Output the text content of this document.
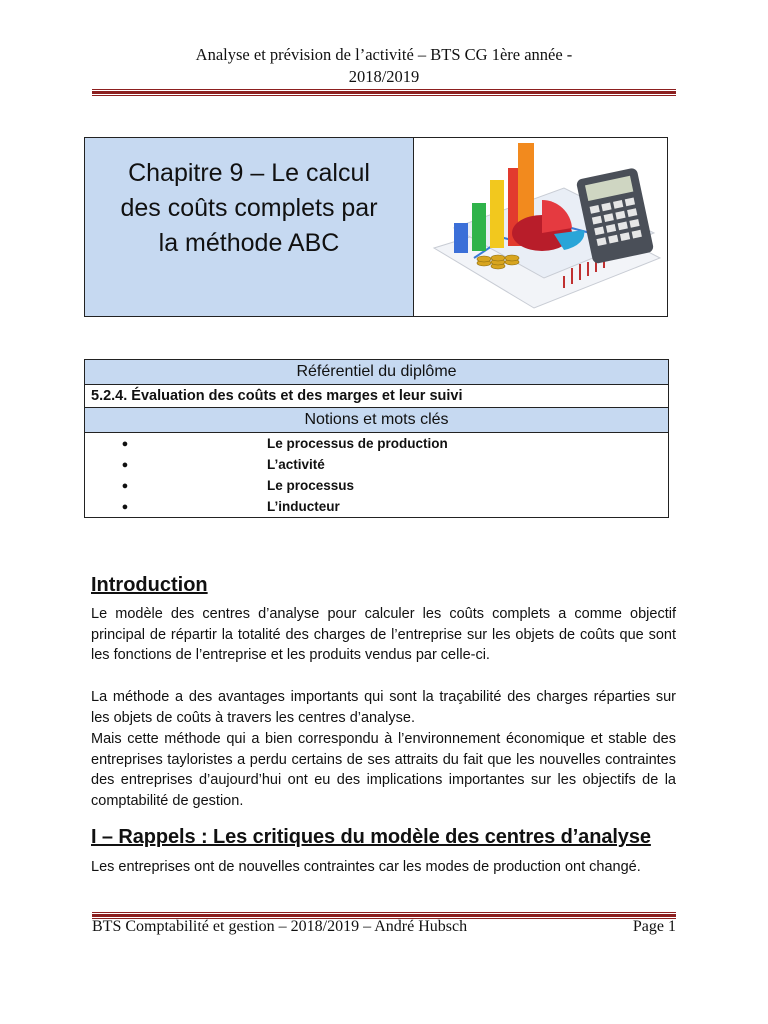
Analyse et prévision de l’activité – BTS CG 1ère année -
2018/2019
Chapitre 9 – Le calcul
des coûts complets par
la méthode ABC
Référentiel du diplôme
5.2.4. Évaluation des coûts et des marges et leur suivi
Notions et mots clés

●	Le processus de production
●	L’activité
●	Le processus
●	L’inducteur
Introduction
Le modèle des centres d’analyse pour calculer les coûts complets a comme objectif principal de répartir la totalité des charges de l’entreprise sur les objets de coûts que sont les fonctions de l’entreprise et les produits vendus par celle-ci.
La méthode a des avantages importants qui sont la traçabilité des charges réparties sur les objets de coûts à travers les centres d’analyse.
Mais cette méthode qui a bien correspondu à l’environnement économique et stable des entreprises tayloristes a perdu certains de ses attraits du fait que les nouvelles contraintes des entreprises d’aujourd’hui ont eu des implications importantes sur les objectifs de la comptabilité de gestion.
I – Rappels : Les critiques du modèle des centres d’analyse
Les entreprises ont de nouvelles contraintes car les modes de production ont changé.
BTS Comptabilité et gestion – 2018/2019 – André Hubsch	Page 1
